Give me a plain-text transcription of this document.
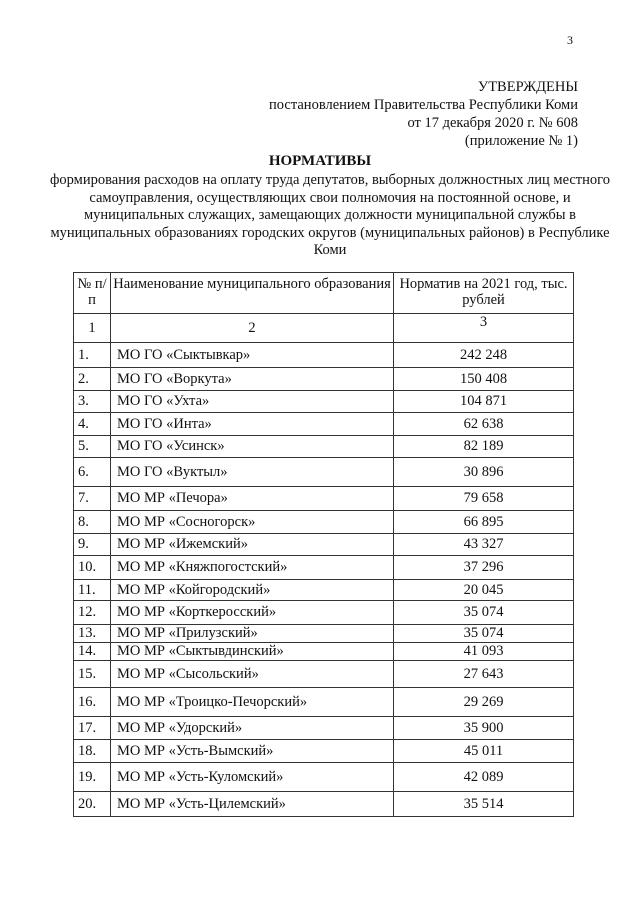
3
УТВЕРЖДЕНЫ
постановлением Правительства Республики Коми
от 17 декабря 2020 г. № 608
(приложение № 1)
НОРМАТИВЫ
формирования расходов на оплату труда депутатов, выборных должностных лиц местного самоуправления, осуществляющих свои полномочия на постоянной основе, и муниципальных служащих, замещающих должности муниципальной службы в муниципальных образованиях городских округов (муниципальных районов) в Республике Коми
№ п/п	Наименование муниципального образования	Норматив на 2021 год, тыс. рублей
1	2	3
1.	МО ГО «Сыктывкар»	242 248
2.	МО ГО «Воркута»	150 408
3.	МО ГО «Ухта»	104 871
4.	МО ГО «Инта»	62 638
5.	МО ГО «Усинск»	82 189
6.	МО ГО «Вуктыл»	30 896
7.	МО МР «Печора»	79 658
8.	МО МР «Сосногорск»	66 895
9.	МО МР «Ижемский»	43 327
10.	МО МР «Княжпогостский»	37 296
11.	МО МР «Койгородский»	20 045
12.	МО МР «Корткеросский»	35 074
13.	МО МР «Прилузский»	35 074
14.	МО МР «Сыктывдинский»	41 093
15.	МО МР «Сысольский»	27 643
16.	МО МР «Троицко-Печорский»	29 269
17.	МО МР «Удорский»	35 900
18.	МО МР «Усть-Вымский»	45 011
19.	МО МР «Усть-Куломский»	42 089
20.	МО МР «Усть-Цилемский»	35 514
